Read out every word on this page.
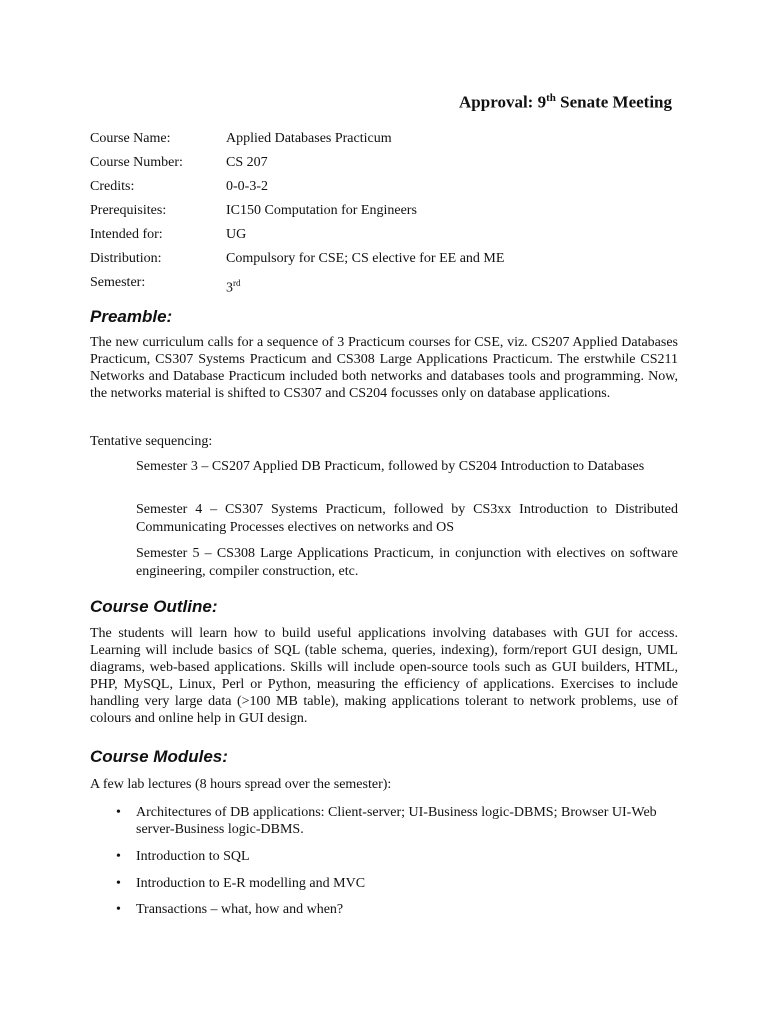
Approval: 9th Senate Meeting
Course Name:	Applied Databases Practicum
Course Number:	CS 207
Credits:	0-0-3-2
Prerequisites:	IC150 Computation for Engineers
Intended for:	UG
Distribution:	Compulsory for CSE; CS elective for EE and ME
Semester:	3rd
Preamble:

The new curriculum calls for a sequence of 3 Practicum courses for CSE, viz. CS207 Applied Databases Practicum, CS307 Systems Practicum and CS308 Large Applications Practicum. The erstwhile CS211 Networks and Database Practicum included both networks and databases tools and programming. Now, the networks material is shifted to CS307 and CS204 focusses only on database applications.

Tentative sequencing:

Semester 3 – CS207 Applied DB Practicum, followed by CS204 Introduction to Databases

Semester 4 – CS307 Systems Practicum, followed by CS3xx Introduction to Distributed Communicating Processes electives on networks and OS

Semester 5 – CS308 Large Applications Practicum, in conjunction with electives on software engineering, compiler construction, etc.

Course Outline:

The students will learn how to build useful applications involving databases with GUI for access. Learning will include basics of SQL (table schema, queries, indexing), form/report GUI design, UML diagrams, web-based applications. Skills will include open-source tools such as GUI builders, HTML, PHP, MySQL, Linux, Perl or Python, measuring the efficiency of applications. Exercises to include handling very large data (>100 MB table), making applications tolerant to network problems, use of colours and online help in GUI design.

Course Modules:

A few lab lectures (8 hours spread over the semester):

• Architectures of DB applications: Client-server; UI-Business logic-DBMS; Browser UI-Web server-Business logic-DBMS.
• Introduction to SQL
• Introduction to E-R modelling and MVC
• Transactions – what, how and when?
